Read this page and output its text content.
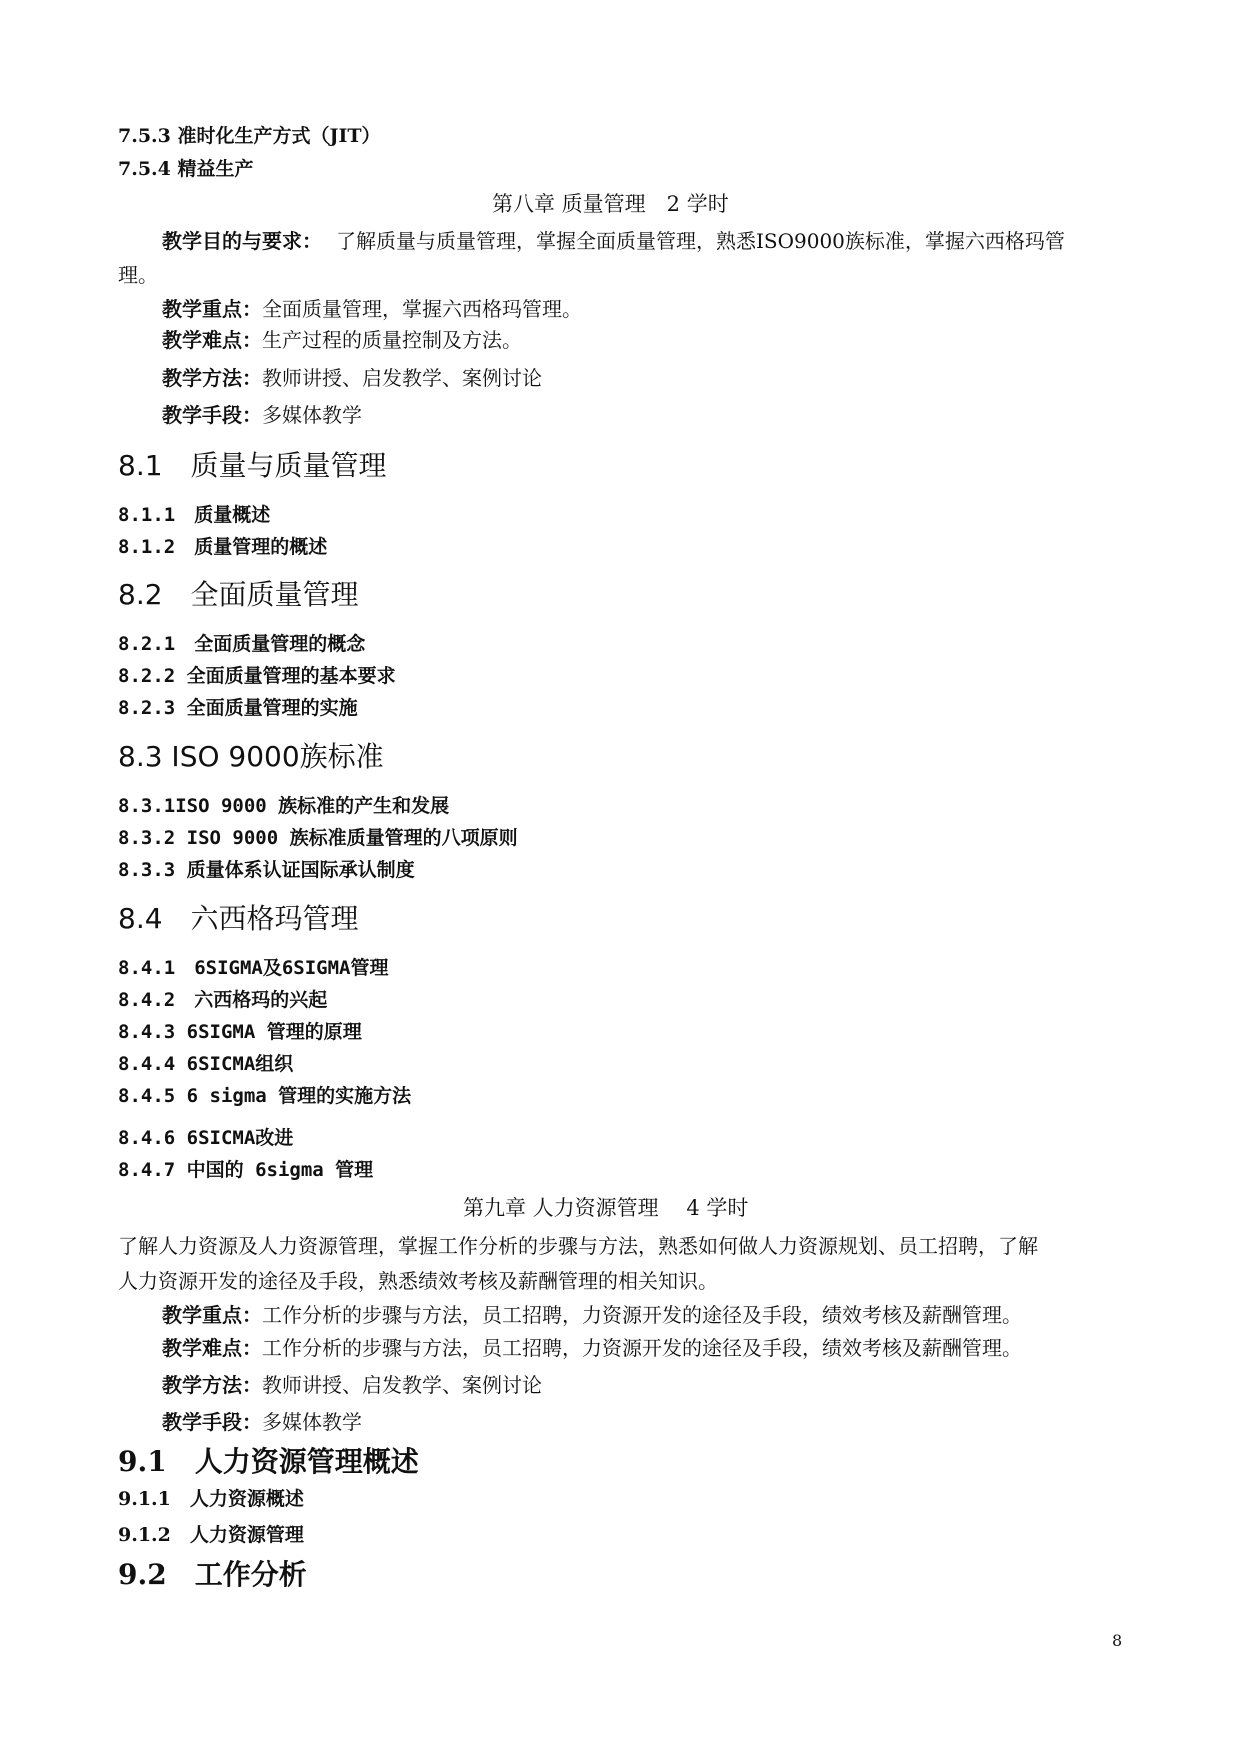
7.5.3 准时化生产方式（JIT）
7.5.4 精益生产
第八章 质量管理　2 学时
教学目的与要求： 了解质量与质量管理，掌握全面质量管理，熟悉ISO9000族标准，掌握六西格玛管
理。
教学重点：全面质量管理，掌握六西格玛管理。
教学难点：生产过程的质量控制及方法。
教学方法：教师讲授、启发教学、案例讨论
教学手段：多媒体教学
8.1　质量与质量管理
8.1.1　质量概述
8.1.2　质量管理的概述
8.2　全面质量管理
8.2.1　全面质量管理的概念
8.2.2 全面质量管理的基本要求
8.2.3 全面质量管理的实施
8.3 ISO 9000族标准
8.3.1ISO 9000 族标准的产生和发展
8.3.2 ISO 9000 族标准质量管理的八项原则
8.3.3 质量体系认证国际承认制度
8.4　六西格玛管理
8.4.1　6SIGMA及6SIGMA管理
8.4.2　六西格玛的兴起
8.4.3 6SIGMA 管理的原理
8.4.4 6SICMA组织
8.4.5 6 sigma 管理的实施方法
8.4.6 6SICMA改进
8.4.7 中国的 6sigma 管理
第九章 人力资源管理　 4 学时
了解人力资源及人力资源管理，掌握工作分析的步骤与方法，熟悉如何做人力资源规划、员工招聘，了解
人力资源开发的途径及手段，熟悉绩效考核及薪酬管理的相关知识。
教学重点：工作分析的步骤与方法，员工招聘，力资源开发的途径及手段，绩效考核及薪酬管理。
教学难点：工作分析的步骤与方法，员工招聘，力资源开发的途径及手段，绩效考核及薪酬管理。
教学方法：教师讲授、启发教学、案例讨论
教学手段：多媒体教学
9.1　人力资源管理概述
9.1.1　人力资源概述
9.1.2　人力资源管理
9.2　工作分析
8
